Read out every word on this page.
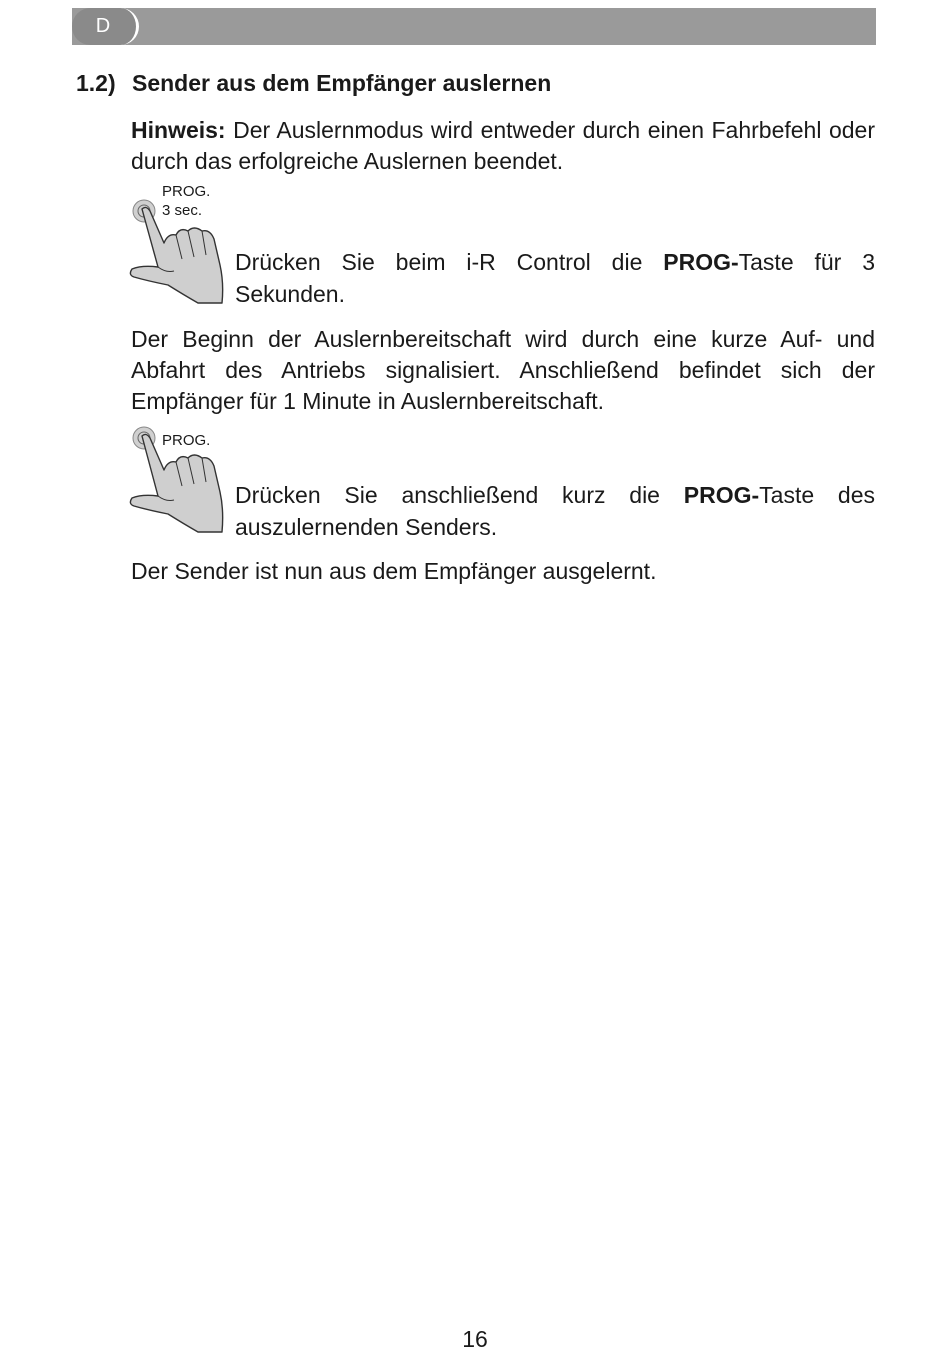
D
1.2) Sender aus dem Empfänger auslernen
Hinweis: Der Auslernmodus wird entweder durch einen Fahrbefehl oder durch das erfolgreiche Auslernen beendet.
PROG.
3 sec.
Drücken Sie beim i-R Control die PROG-Taste für 3 Sekunden.
Der Beginn der Auslernbereitschaft wird durch eine kurze Auf- und Abfahrt des Antriebs signalisiert. Anschließend befindet sich der Empfänger für 1 Minute in Auslernbereitschaft.
PROG.
Drücken Sie anschließend kurz die PROG-Taste des auszulernenden Senders.
Der Sender ist nun aus dem Empfänger ausgelernt.
16
